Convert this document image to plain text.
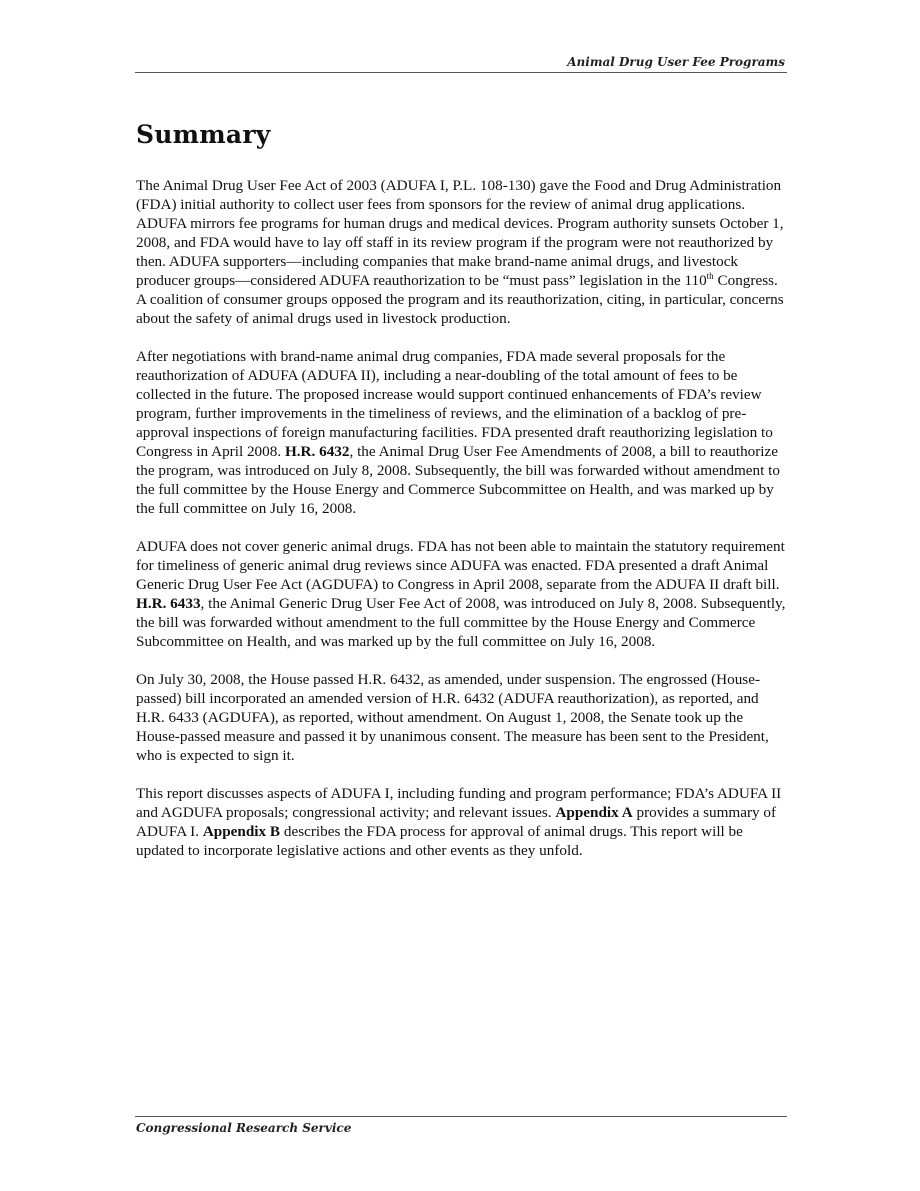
Animal Drug User Fee Programs
Summary

The Animal Drug User Fee Act of 2003 (ADUFA I, P.L. 108-130) gave the Food and Drug Administration (FDA) initial authority to collect user fees from sponsors for the review of animal drug applications. ADUFA mirrors fee programs for human drugs and medical devices. Program authority sunsets October 1, 2008, and FDA would have to lay off staff in its review program if the program were not reauthorized by then. ADUFA supporters—including companies that make brand-name animal drugs, and livestock producer groups—considered ADUFA reauthorization to be “must pass” legislation in the 110th Congress. A coalition of consumer groups opposed the program and its reauthorization, citing, in particular, concerns about the safety of animal drugs used in livestock production.

After negotiations with brand-name animal drug companies, FDA made several proposals for the reauthorization of ADUFA (ADUFA II), including a near-doubling of the total amount of fees to be collected in the future. The proposed increase would support continued enhancements of FDA’s review program, further improvements in the timeliness of reviews, and the elimination of a backlog of pre-approval inspections of foreign manufacturing facilities. FDA presented draft reauthorizing legislation to Congress in April 2008. H.R. 6432, the Animal Drug User Fee Amendments of 2008, a bill to reauthorize the program, was introduced on July 8, 2008. Subsequently, the bill was forwarded without amendment to the full committee by the House Energy and Commerce Subcommittee on Health, and was marked up by the full committee on July 16, 2008.

ADUFA does not cover generic animal drugs. FDA has not been able to maintain the statutory requirement for timeliness of generic animal drug reviews since ADUFA was enacted. FDA presented a draft Animal Generic Drug User Fee Act (AGDUFA) to Congress in April 2008, separate from the ADUFA II draft bill. H.R. 6433, the Animal Generic Drug User Fee Act of 2008, was introduced on July 8, 2008. Subsequently, the bill was forwarded without amendment to the full committee by the House Energy and Commerce Subcommittee on Health, and was marked up by the full committee on July 16, 2008.

On July 30, 2008, the House passed H.R. 6432, as amended, under suspension. The engrossed (House-passed) bill incorporated an amended version of H.R. 6432 (ADUFA reauthorization), as reported, and H.R. 6433 (AGDUFA), as reported, without amendment. On August 1, 2008, the Senate took up the House-passed measure and passed it by unanimous consent. The measure has been sent to the President, who is expected to sign it.

This report discusses aspects of ADUFA I, including funding and program performance; FDA’s ADUFA II and AGDUFA proposals; congressional activity; and relevant issues. Appendix A provides a summary of ADUFA I. Appendix B describes the FDA process for approval of animal drugs. This report will be updated to incorporate legislative actions and other events as they unfold.

Congressional Research Service
